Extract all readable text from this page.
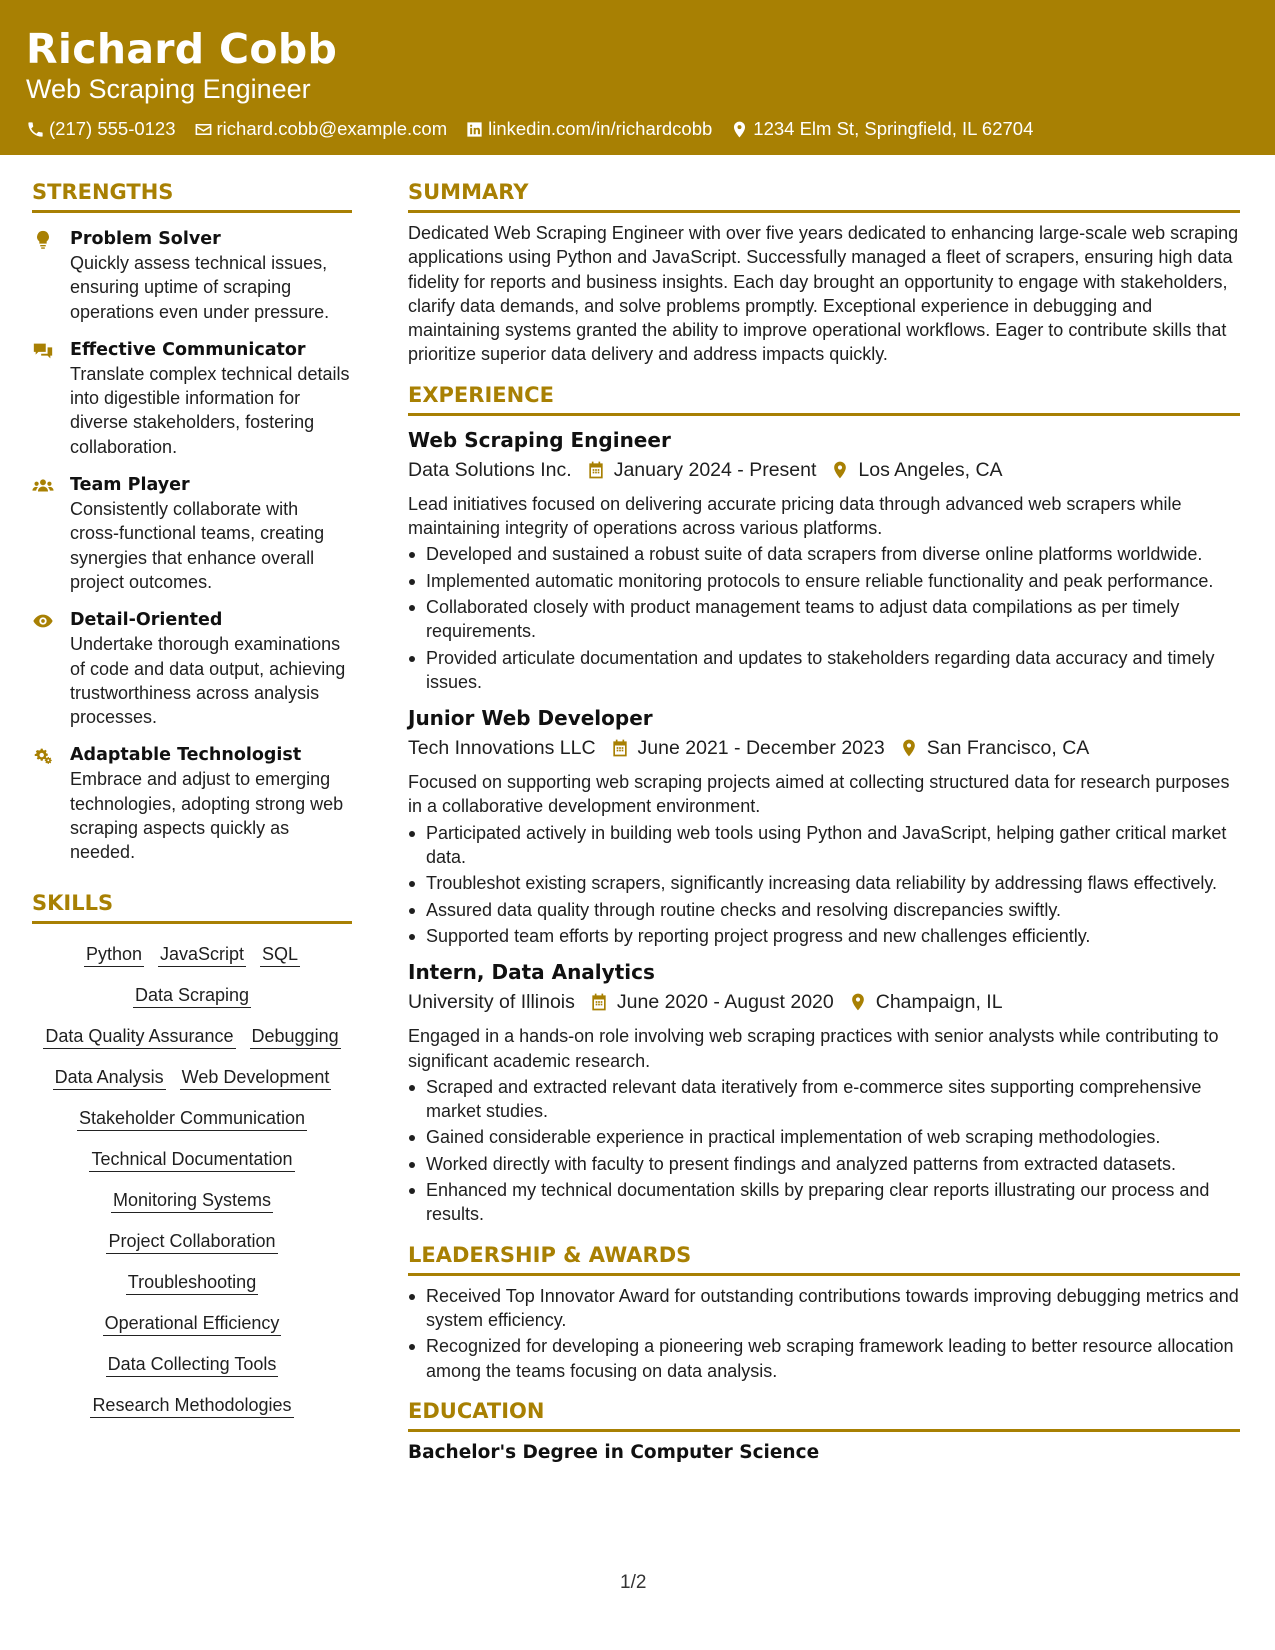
Richard Cobb
Web Scraping Engineer
(217) 555-0123 richard.cobb@example.com linkedin.com/in/richardcobb 1234 Elm St, Springfield, IL 62704
STRENGTHS
Problem Solver
Quickly assess technical issues, ensuring uptime of scraping operations even under pressure.
Effective Communicator
Translate complex technical details into digestible information for diverse stakeholders, fostering collaboration.
Team Player
Consistently collaborate with cross-functional teams, creating synergies that enhance overall project outcomes.
Detail-Oriented
Undertake thorough examinations of code and data output, achieving trustworthiness across analysis processes.
Adaptable Technologist
Embrace and adjust to emerging technologies, adopting strong web scraping aspects quickly as needed.
SKILLS
Python JavaScript SQL
Data Scraping
Data Quality Assurance Debugging
Data Analysis Web Development
Stakeholder Communication
Technical Documentation
Monitoring Systems
Project Collaboration
Troubleshooting
Operational Efficiency
Data Collecting Tools
Research Methodologies
SUMMARY
Dedicated Web Scraping Engineer with over five years dedicated to enhancing large-scale web scraping applications using Python and JavaScript. Successfully managed a fleet of scrapers, ensuring high data fidelity for reports and business insights. Each day brought an opportunity to engage with stakeholders, clarify data demands, and solve problems promptly. Exceptional experience in debugging and maintaining systems granted the ability to improve operational workflows. Eager to contribute skills that prioritize superior data delivery and address impacts quickly.
EXPERIENCE
Web Scraping Engineer
Data Solutions Inc. January 2024 - Present Los Angeles, CA
Lead initiatives focused on delivering accurate pricing data through advanced web scrapers while maintaining integrity of operations across various platforms.
Developed and sustained a robust suite of data scrapers from diverse online platforms worldwide.
Implemented automatic monitoring protocols to ensure reliable functionality and peak performance.
Collaborated closely with product management teams to adjust data compilations as per timely requirements.
Provided articulate documentation and updates to stakeholders regarding data accuracy and timely issues.
Junior Web Developer
Tech Innovations LLC June 2021 - December 2023 San Francisco, CA
Focused on supporting web scraping projects aimed at collecting structured data for research purposes in a collaborative development environment.
Participated actively in building web tools using Python and JavaScript, helping gather critical market data.
Troubleshot existing scrapers, significantly increasing data reliability by addressing flaws effectively.
Assured data quality through routine checks and resolving discrepancies swiftly.
Supported team efforts by reporting project progress and new challenges efficiently.
Intern, Data Analytics
University of Illinois June 2020 - August 2020 Champaign, IL
Engaged in a hands-on role involving web scraping practices with senior analysts while contributing to significant academic research.
Scraped and extracted relevant data iteratively from e-commerce sites supporting comprehensive market studies.
Gained considerable experience in practical implementation of web scraping methodologies.
Worked directly with faculty to present findings and analyzed patterns from extracted datasets.
Enhanced my technical documentation skills by preparing clear reports illustrating our process and results.
LEADERSHIP & AWARDS
Received Top Innovator Award for outstanding contributions towards improving debugging metrics and system efficiency.
Recognized for developing a pioneering web scraping framework leading to better resource allocation among the teams focusing on data analysis.
EDUCATION
Bachelor's Degree in Computer Science
1/2
